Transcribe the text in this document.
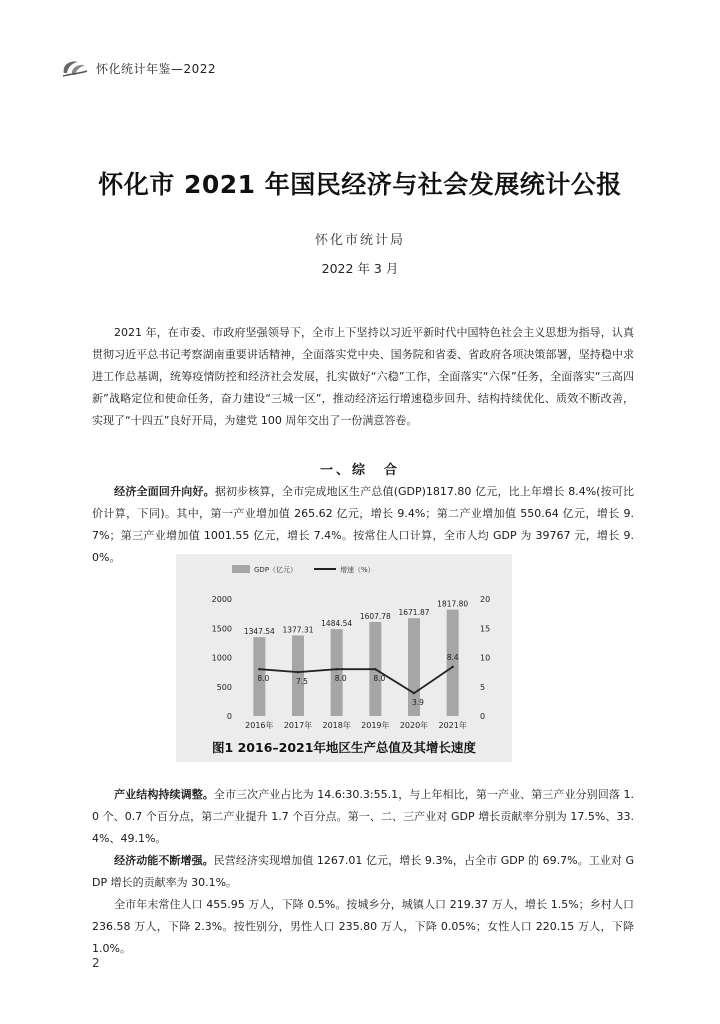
怀化统计年鉴—2022
怀化市 2021 年国民经济与社会发展统计公报
怀化市统计局
2022 年 3 月

2021 年，在市委、市政府坚强领导下，全市上下坚持以习近平新时代中国特色社会主义思想为指导，认真贯彻习近平总书记考察湖南重要讲话精神，全面落实党中央、国务院和省委、省政府各项决策部署，坚持稳中求进工作总基调，统筹疫情防控和经济社会发展，扎实做好“六稳”工作，全面落实“六保”任务，全面落实“三高四新”战略定位和使命任务，奋力建设“三城一区”，推动经济运行增速稳步回升、结构持续优化、质效不断改善，实现了“十四五”良好开局，为建党 100 周年交出了一份满意答卷。

一、综　合

经济全面回升向好。据初步核算，全市完成地区生产总值(GDP)1817.80 亿元，比上年增长 8.4%(按可比价计算，下同)。其中，第一产业增加值 265.62 亿元，增长 9.4%；第二产业增加值 550.64 亿元，增长 9.7%；第三产业增加值 1001.55 亿元，增长 7.4%。按常住人口计算，全市人均 GDP 为 39767 元，增长 9.0%。

GDP（亿元）	增速（%）
0
500
1000
1500
2000
0
5
10
15
20
1347.54
2016年
1377.31
2017年
1484.54
2018年
1607.78
2019年
1671.87
2020年
1817.80
2021年
8.0	7.5	8.0	8.0
3.9
8.4
图1 2016–2021年地区生产总值及其增长速度

产业结构持续调整。全市三次产业占比为 14.6:30.3:55.1，与上年相比，第一产业、第三产业分别回落 1.0 个、0.7 个百分点，第二产业提升 1.7 个百分点。第一、二、三产业对 GDP 增长贡献率分别为 17.5%、33.4%、49.1%。

经济动能不断增强。民营经济实现增加值 1267.01 亿元，增长 9.3%，占全市 GDP 的 69.7%。工业对 GDP 增长的贡献率为 30.1%。

全市年末常住人口 455.95 万人，下降 0.5%。按城乡分，城镇人口 219.37 万人，增长 1.5%；乡村人口 236.58 万人，下降 2.3%。按性别分，男性人口 235.80 万人，下降 0.05%；女性人口 220.15 万人，下降 1.0%。

2
